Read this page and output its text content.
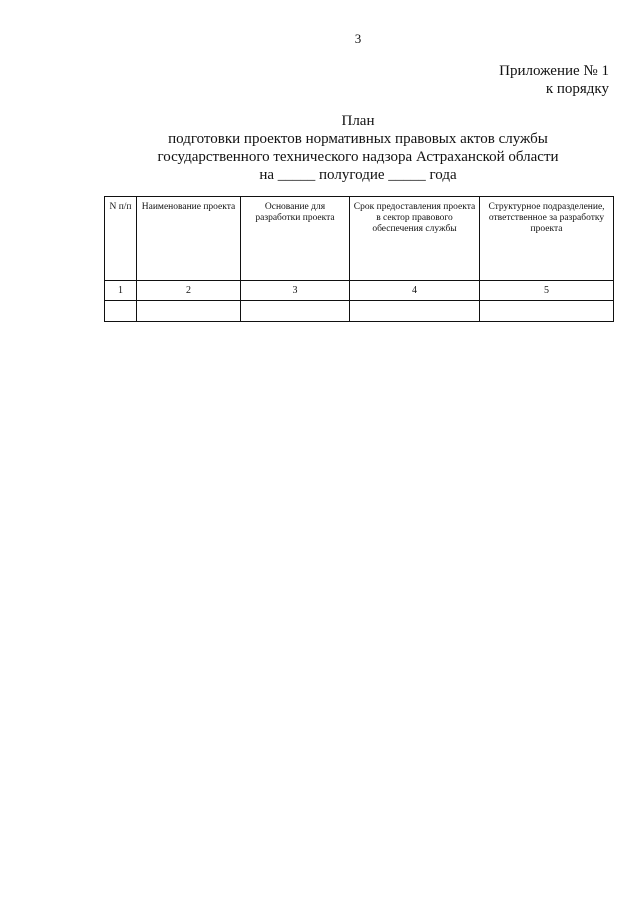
3
Приложение № 1
к порядку
План
подготовки проектов нормативных правовых актов службы
государственного технического надзора Астраханской области
на _____ полугодие _____ года
N п/п	Наименование проекта	Основание для разработки проекта	Срок предоставления проекта в сектор правового обеспечения службы	Структурное подразделение, ответственное за разработку проекта
1	2	3	4	5
